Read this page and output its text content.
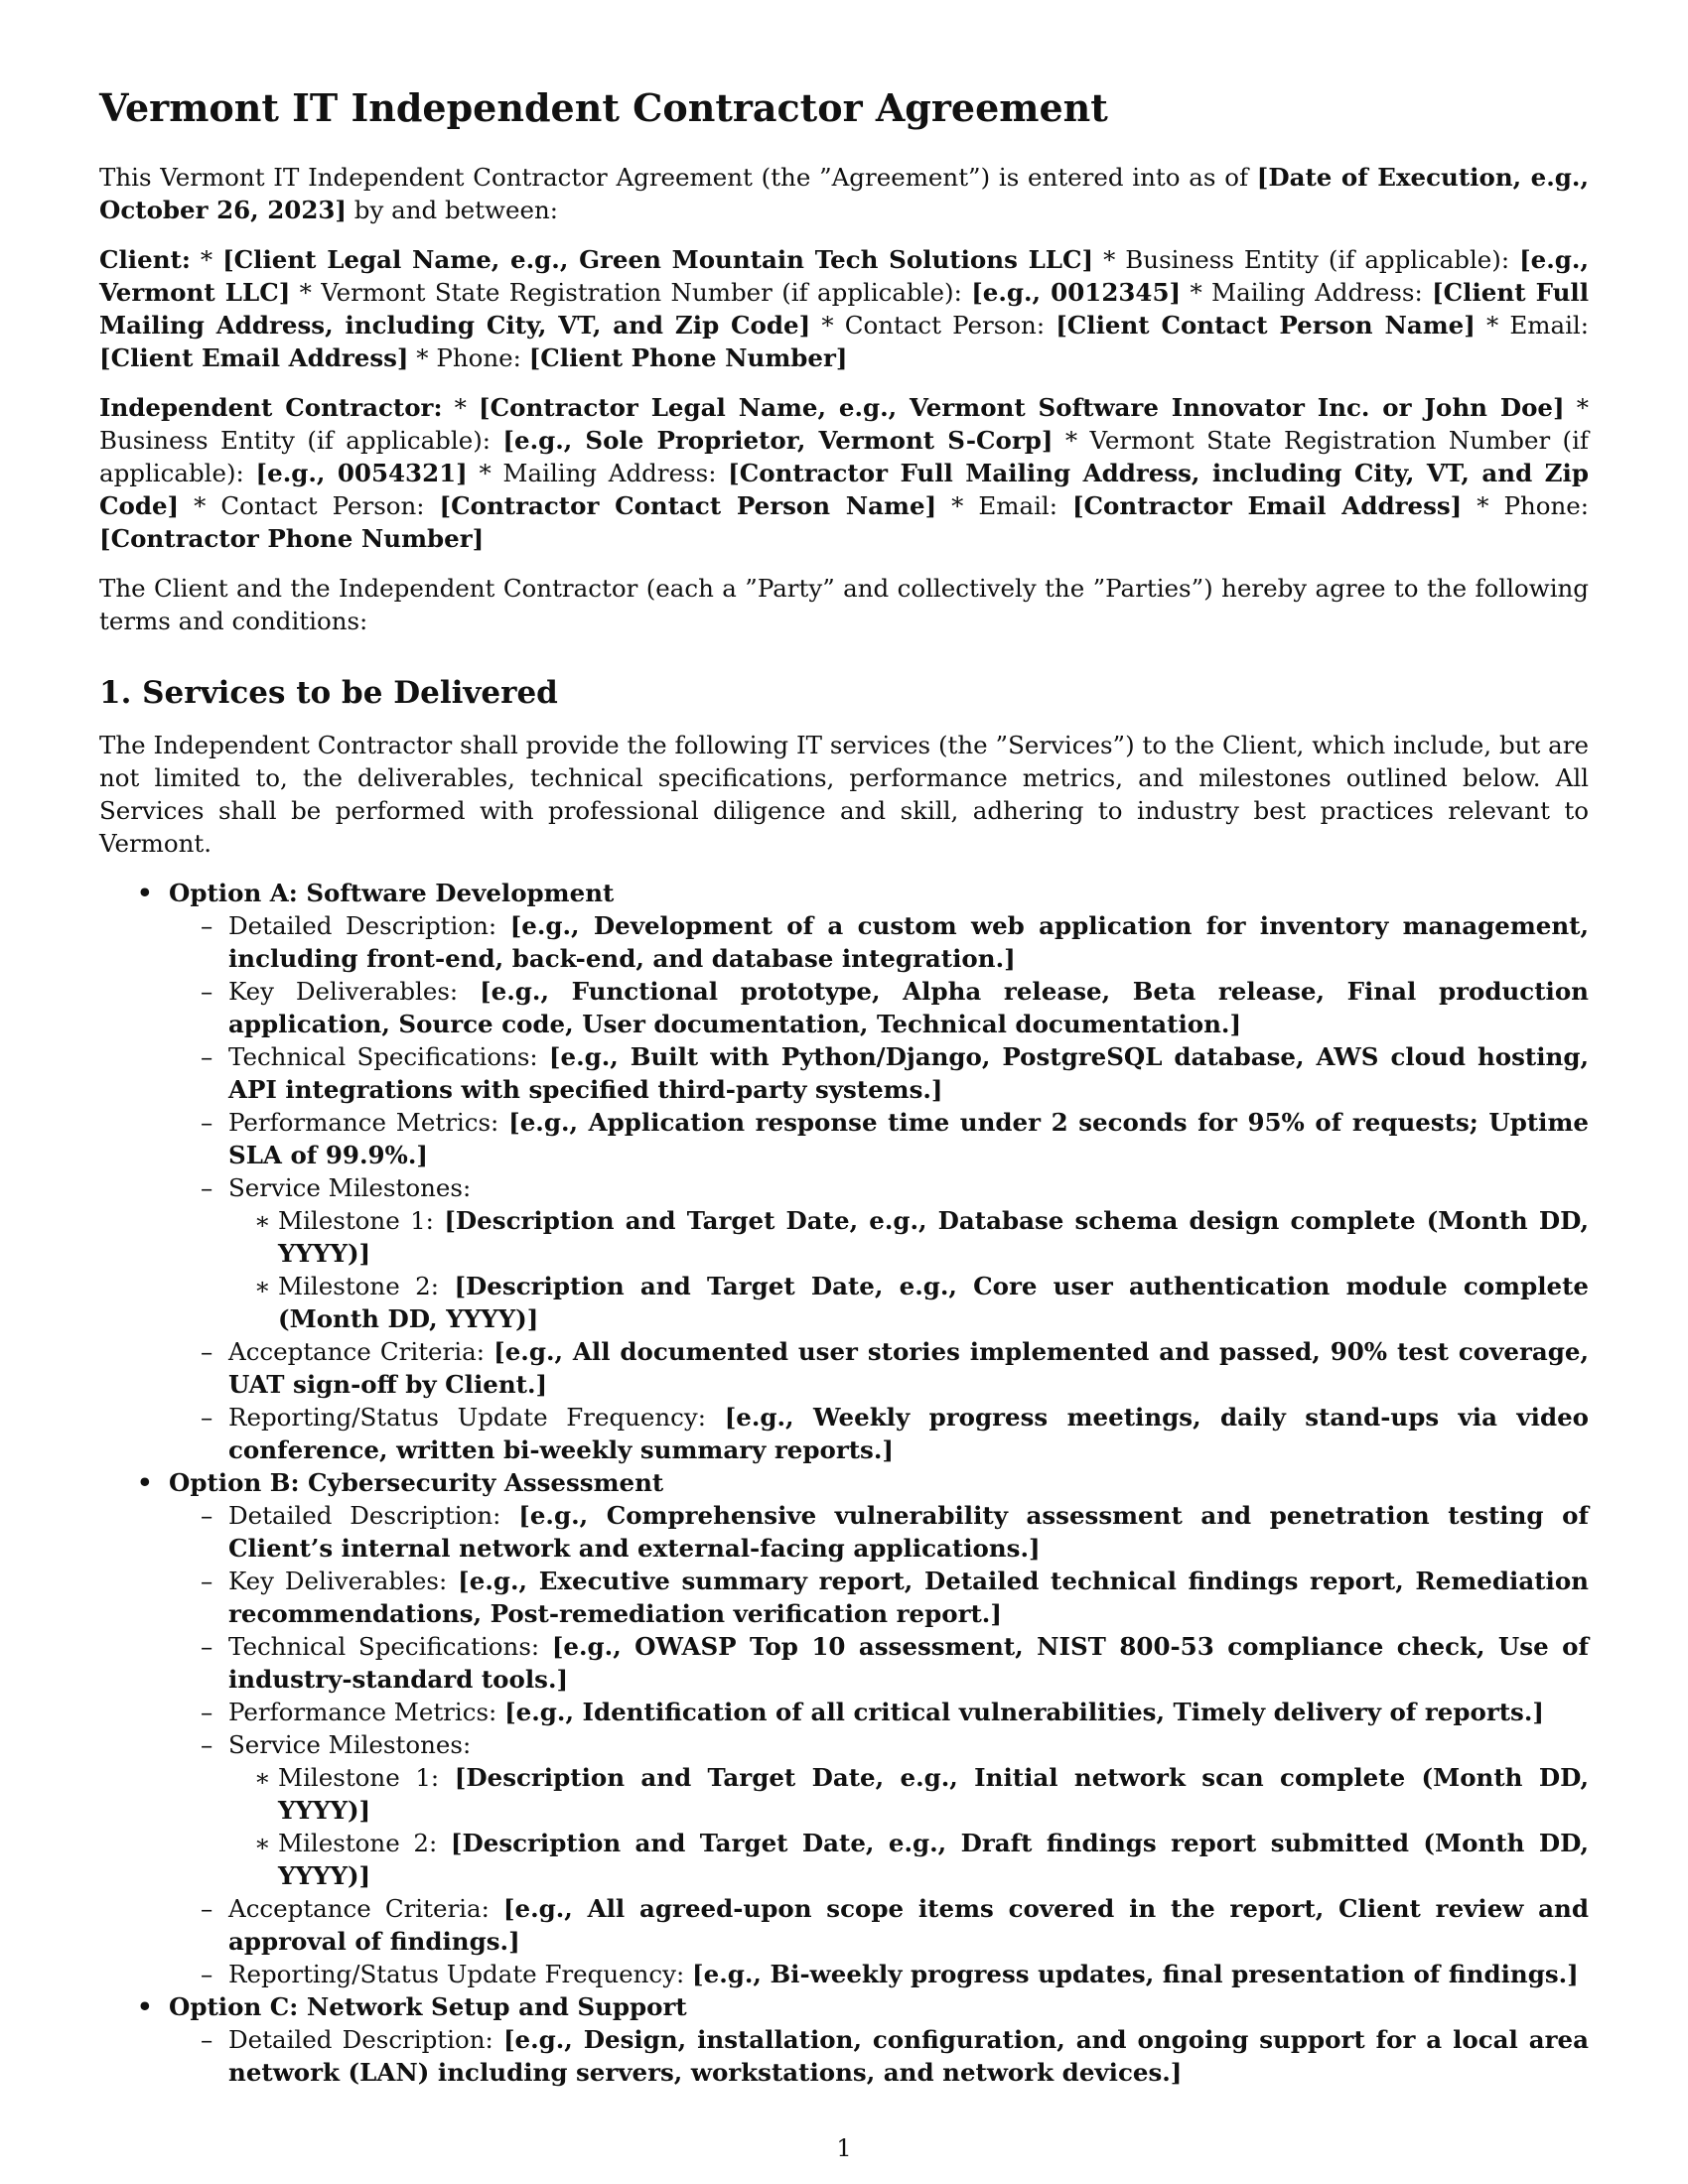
Vermont IT Independent Contractor Agreement

This Vermont IT Independent Contractor Agreement (the ”Agreement”) is entered into as of [Date of Execution, e.g., October 26, 2023] by and between:

Client: * [Client Legal Name, e.g., Green Mountain Tech Solutions LLC] * Business Entity (if applicable): [e.g., Vermont LLC] * Vermont State Registration Number (if applicable): [e.g., 0012345] * Mailing Address: [Client Full Mailing Address, including City, VT, and Zip Code] * Contact Person: [Client Contact Person Name] * Email: [Client Email Address] * Phone: [Client Phone Number]

Independent Contractor: * [Contractor Legal Name, e.g., Vermont Software Innovator Inc. or John Doe] * Business Entity (if applicable): [e.g., Sole Proprietor, Vermont S-Corp] * Vermont State Registration Number (if applicable): [e.g., 0054321] * Mailing Address: [Contractor Full Mailing Address, including City, VT, and Zip Code] * Contact Person: [Contractor Contact Person Name] * Email: [Contractor Email Address] * Phone: [Contractor Phone Number]

The Client and the Independent Contractor (each a ”Party” and collectively the ”Parties”) hereby agree to the following terms and conditions:

1. Services to be Delivered

The Independent Contractor shall provide the following IT services (the ”Services”) to the Client, which include, but are not limited to, the deliverables, technical specifications, performance metrics, and milestones outlined below. All Services shall be performed with professional diligence and skill, adhering to industry best practices relevant to Vermont.

• Option A: Software Development
– Detailed Description: [e.g., Development of a custom web application for inventory management, including front-end, back-end, and database integration.]
– Key Deliverables: [e.g., Functional prototype, Alpha release, Beta release, Final production application, Source code, User documentation, Technical documentation.]
– Technical Specifications: [e.g., Built with Python/Django, PostgreSQL database, AWS cloud hosting, API integrations with specified third-party systems.]
– Performance Metrics: [e.g., Application response time under 2 seconds for 95% of requests; Uptime SLA of 99.9%.]
– Service Milestones:
∗ Milestone 1: [Description and Target Date, e.g., Database schema design complete (Month DD, YYYY)]
∗ Milestone 2: [Description and Target Date, e.g., Core user authentication module complete (Month DD, YYYY)]
– Acceptance Criteria: [e.g., All documented user stories implemented and passed, 90% test coverage, UAT sign-off by Client.]
– Reporting/Status Update Frequency: [e.g., Weekly progress meetings, daily stand-ups via video conference, written bi-weekly summary reports.]
• Option B: Cybersecurity Assessment
– Detailed Description: [e.g., Comprehensive vulnerability assessment and penetration testing of Client’s internal network and external-facing applications.]
– Key Deliverables: [e.g., Executive summary report, Detailed technical findings report, Remediation recommendations, Post-remediation verification report.]
– Technical Specifications: [e.g., OWASP Top 10 assessment, NIST 800-53 compliance check, Use of industry-standard tools.]
– Performance Metrics: [e.g., Identification of all critical vulnerabilities, Timely delivery of reports.]
– Service Milestones:
∗ Milestone 1: [Description and Target Date, e.g., Initial network scan complete (Month DD, YYYY)]
∗ Milestone 2: [Description and Target Date, e.g., Draft findings report submitted (Month DD, YYYY)]
– Acceptance Criteria: [e.g., All agreed-upon scope items covered in the report, Client review and approval of findings.]
– Reporting/Status Update Frequency: [e.g., Bi-weekly progress updates, final presentation of findings.]
• Option C: Network Setup and Support
– Detailed Description: [e.g., Design, installation, configuration, and ongoing support for a local area network (LAN) including servers, workstations, and network devices.]
1
